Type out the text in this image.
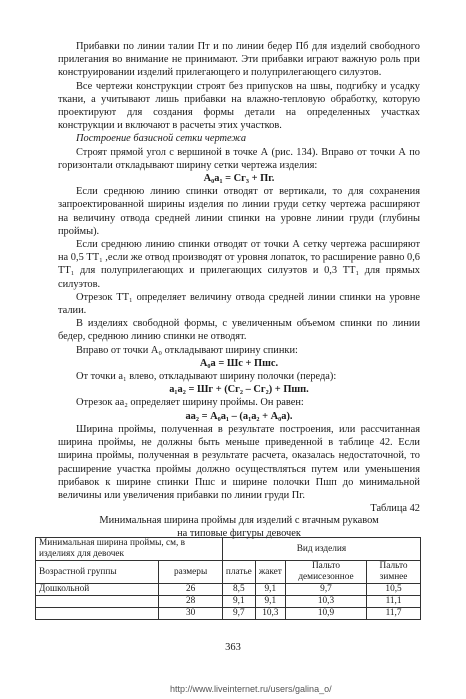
Прибавки по линии талии Пт и по линии бедер Пб для изделий свободного прилегания во внимание не принимают. Эти прибавки играют важную роль при конструировании изделий прилегающего и полуприлегающего силуэтов.

Все чертежи конструкции строят без припусков на швы, подгибку и усадку ткани, а учитывают лишь прибавки на влажно-тепловую обработку, которую проектируют для создания формы детали на определенных участках конструкции и включают в расчеты этих участков.

Построение базисной сетки чертежа

Строят прямой угол с вершиной в точке А (рис. 134). Вправо от точки А по горизонтали откладывают ширину сетки чертежа изделия:

А₀а₁ = Сг₃ + Пг.

Если среднюю линию спинки отводят от вертикали, то для сохранения запроектированной ширины изделия по линии груди сетку чертежа расширяют на величину отвода средней линии спинки на уровне линии груди (глубины проймы).

Если среднюю линию спинки отводят от точки А сетку чертежа расширяют на 0,5 ТТ₁ ,если же отвод производят от уровня лопаток, то расширение равно 0,6 ТТ₁ для полуприлегающих и прилегающих силуэтов и 0,3 ТТ₁ для прямых силуэтов.

Отрезок ТТ₁ определяет величину отвода средней линии спинки на уровне талии.

В изделиях свободной формы, с увеличенным объемом спинки по линии бедер, среднюю линию спинки не отводят.

Вправо от точки А₀ откладывают ширину спинки:

А₀а = Шс + Пшс.

От точки а₁ влево, откладывают ширину полочки (переда):

а₁а₂ = Шг + (Сг₂ – Сг₂) + Пшп.

Отрезок аа₂ определяет ширину проймы. Он равен:

аа₂ = А₀а₁ – (а₁а₂ + А₀а).

Ширина проймы, полученная в результате построения, или рассчитанная ширина проймы, не должны быть меньше приведенной в таблице 42. Если ширина проймы, полученная в результате расчета, оказалась недостаточной, то расширение участка проймы должно осуществляться путем или уменьшения прибавок к ширине спинки Пшс и ширине полочки Пшп до минимальной величины или увеличения прибавки по линии груди Пг.

Таблица 42

Минимальная ширина проймы для изделий с втачным рукавом

на типовые фигуры девочек

Минимальная ширина проймы, см, в изделиях для девочек		Вид изделия			
Возрастной группы	размеры	платье	жакет	Пальто демисезонное	Пальто зимнее
Дошкольной	26	8,5	9,1	9,7	10,5
	28	9,1	9,1	10,3	11,1
	30	9,7	10,3	10,9	11,7
363
http://www.liveinternet.ru/users/galina_o/
